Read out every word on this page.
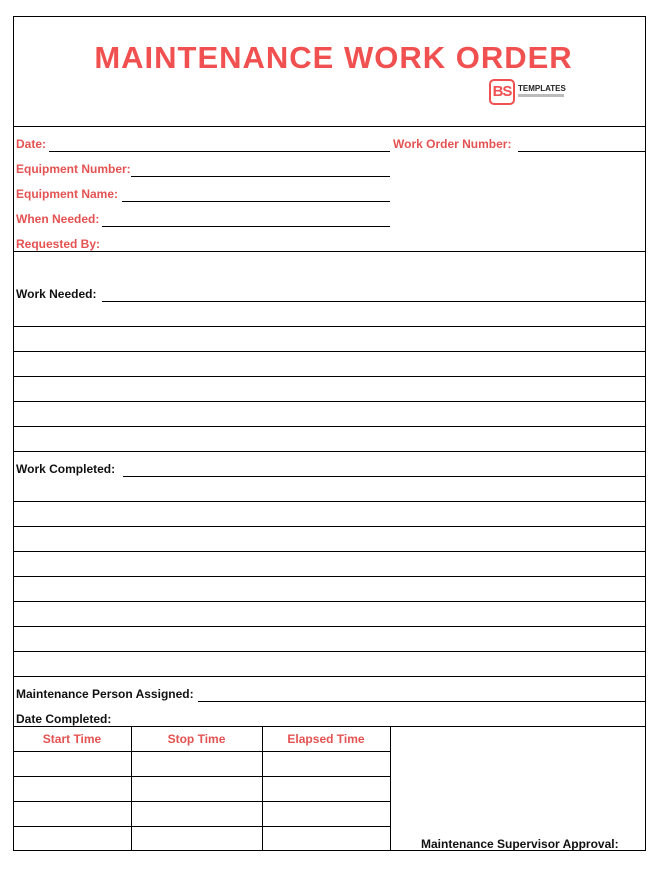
MAINTENANCE WORK ORDER
BS TEMPLATES
Date:	Work Order Number:
Equipment Number:
Equipment Name:
When Needed:
Requested By:
Work Needed:
Work Completed:
Maintenance Person Assigned:
Date Completed:
Start Time	Stop Time	Elapsed Time
Maintenance Supervisor Approval:
